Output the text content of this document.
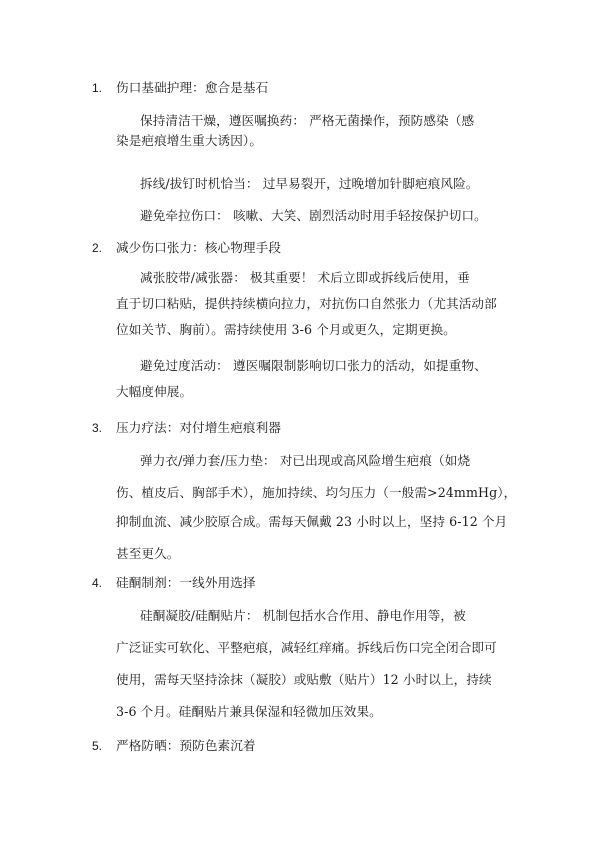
1. 伤口基础护理：愈合是基石
保持清洁干燥，遵医嘱换药： 严格无菌操作，预防感染（感
染是疤痕增生重大诱因）。
拆线/拔钉时机恰当： 过早易裂开，过晚增加针脚疤痕风险。
避免牵拉伤口： 咳嗽、大笑、剧烈活动时用手轻按保护切口。
2. 减少伤口张力：核心物理手段
减张胶带/减张器： 极其重要！ 术后立即或拆线后使用，垂
直于切口粘贴，提供持续横向拉力，对抗伤口自然张力（尤其活动部
位如关节、胸前）。需持续使用 3-6 个月或更久，定期更换。
避免过度活动： 遵医嘱限制影响切口张力的活动，如提重物、
大幅度伸展。
3. 压力疗法：对付增生疤痕利器
弹力衣/弹力套/压力垫： 对已出现或高风险增生疤痕（如烧
伤、植皮后、胸部手术），施加持续、均匀压力（一般需>24mmHg），
抑制血流、减少胶原合成。需每天佩戴 23 小时以上，坚持 6-12 个月
甚至更久。
4. 硅酮制剂：一线外用选择
硅酮凝胶/硅酮贴片： 机制包括水合作用、静电作用等，被
广泛证实可软化、平整疤痕，减轻红痒痛。拆线后伤口完全闭合即可
使用，需每天坚持涂抹（凝胶）或贴敷（贴片）12 小时以上，持续
3-6 个月。硅酮贴片兼具保湿和轻微加压效果。
5. 严格防晒：预防色素沉着
